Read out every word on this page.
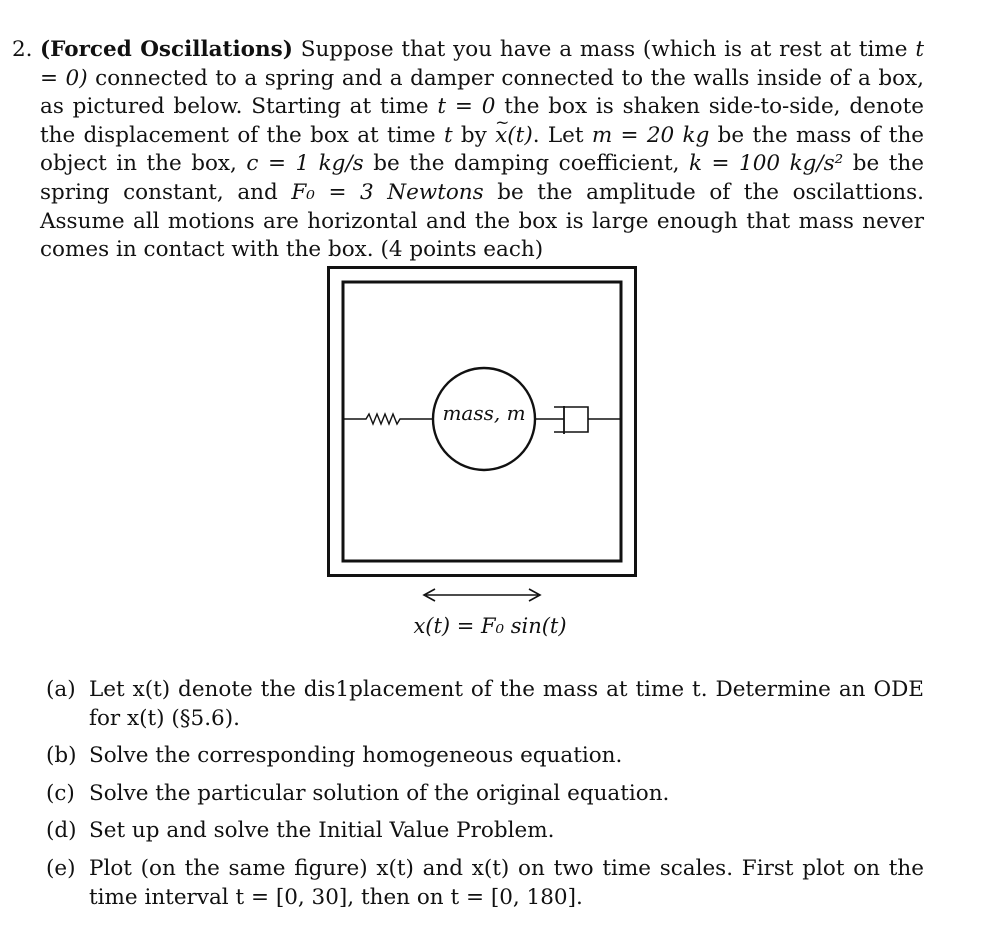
2. (Forced Oscillations) Suppose that you have a mass (which is at rest at time t = 0) connected to a spring and a damper connected to the walls inside of a box, as pictured below. Starting at time t = 0 the box is shaken side-to-side, denote the displacement of the box at time t by x(t) ~. Let m = 20 kg be the mass of the object in the box, c = 1 kg/s be the damping coefficient, k = 100 kg/s² be the spring constant, and F₀ = 3 Newtons be the amplitude of the oscilattions. Assume all motions are horizontal and the box is large enough that mass never comes in contact with the box. (4 points each)
mass, m
x(t) = F₀ sin(t)
(a) Let x(t) denote the dis1placement of the mass at time t. Determine an ODE for x(t) (§5.6).
(b) Solve the corresponding homogeneous equation.
(c) Solve the particular solution of the original equation.
(d) Set up and solve the Initial Value Problem.
(e) Plot (on the same figure) x(t) and x(t) on two time scales. First plot on the time interval t = [0, 30], then on t = [0, 180].
